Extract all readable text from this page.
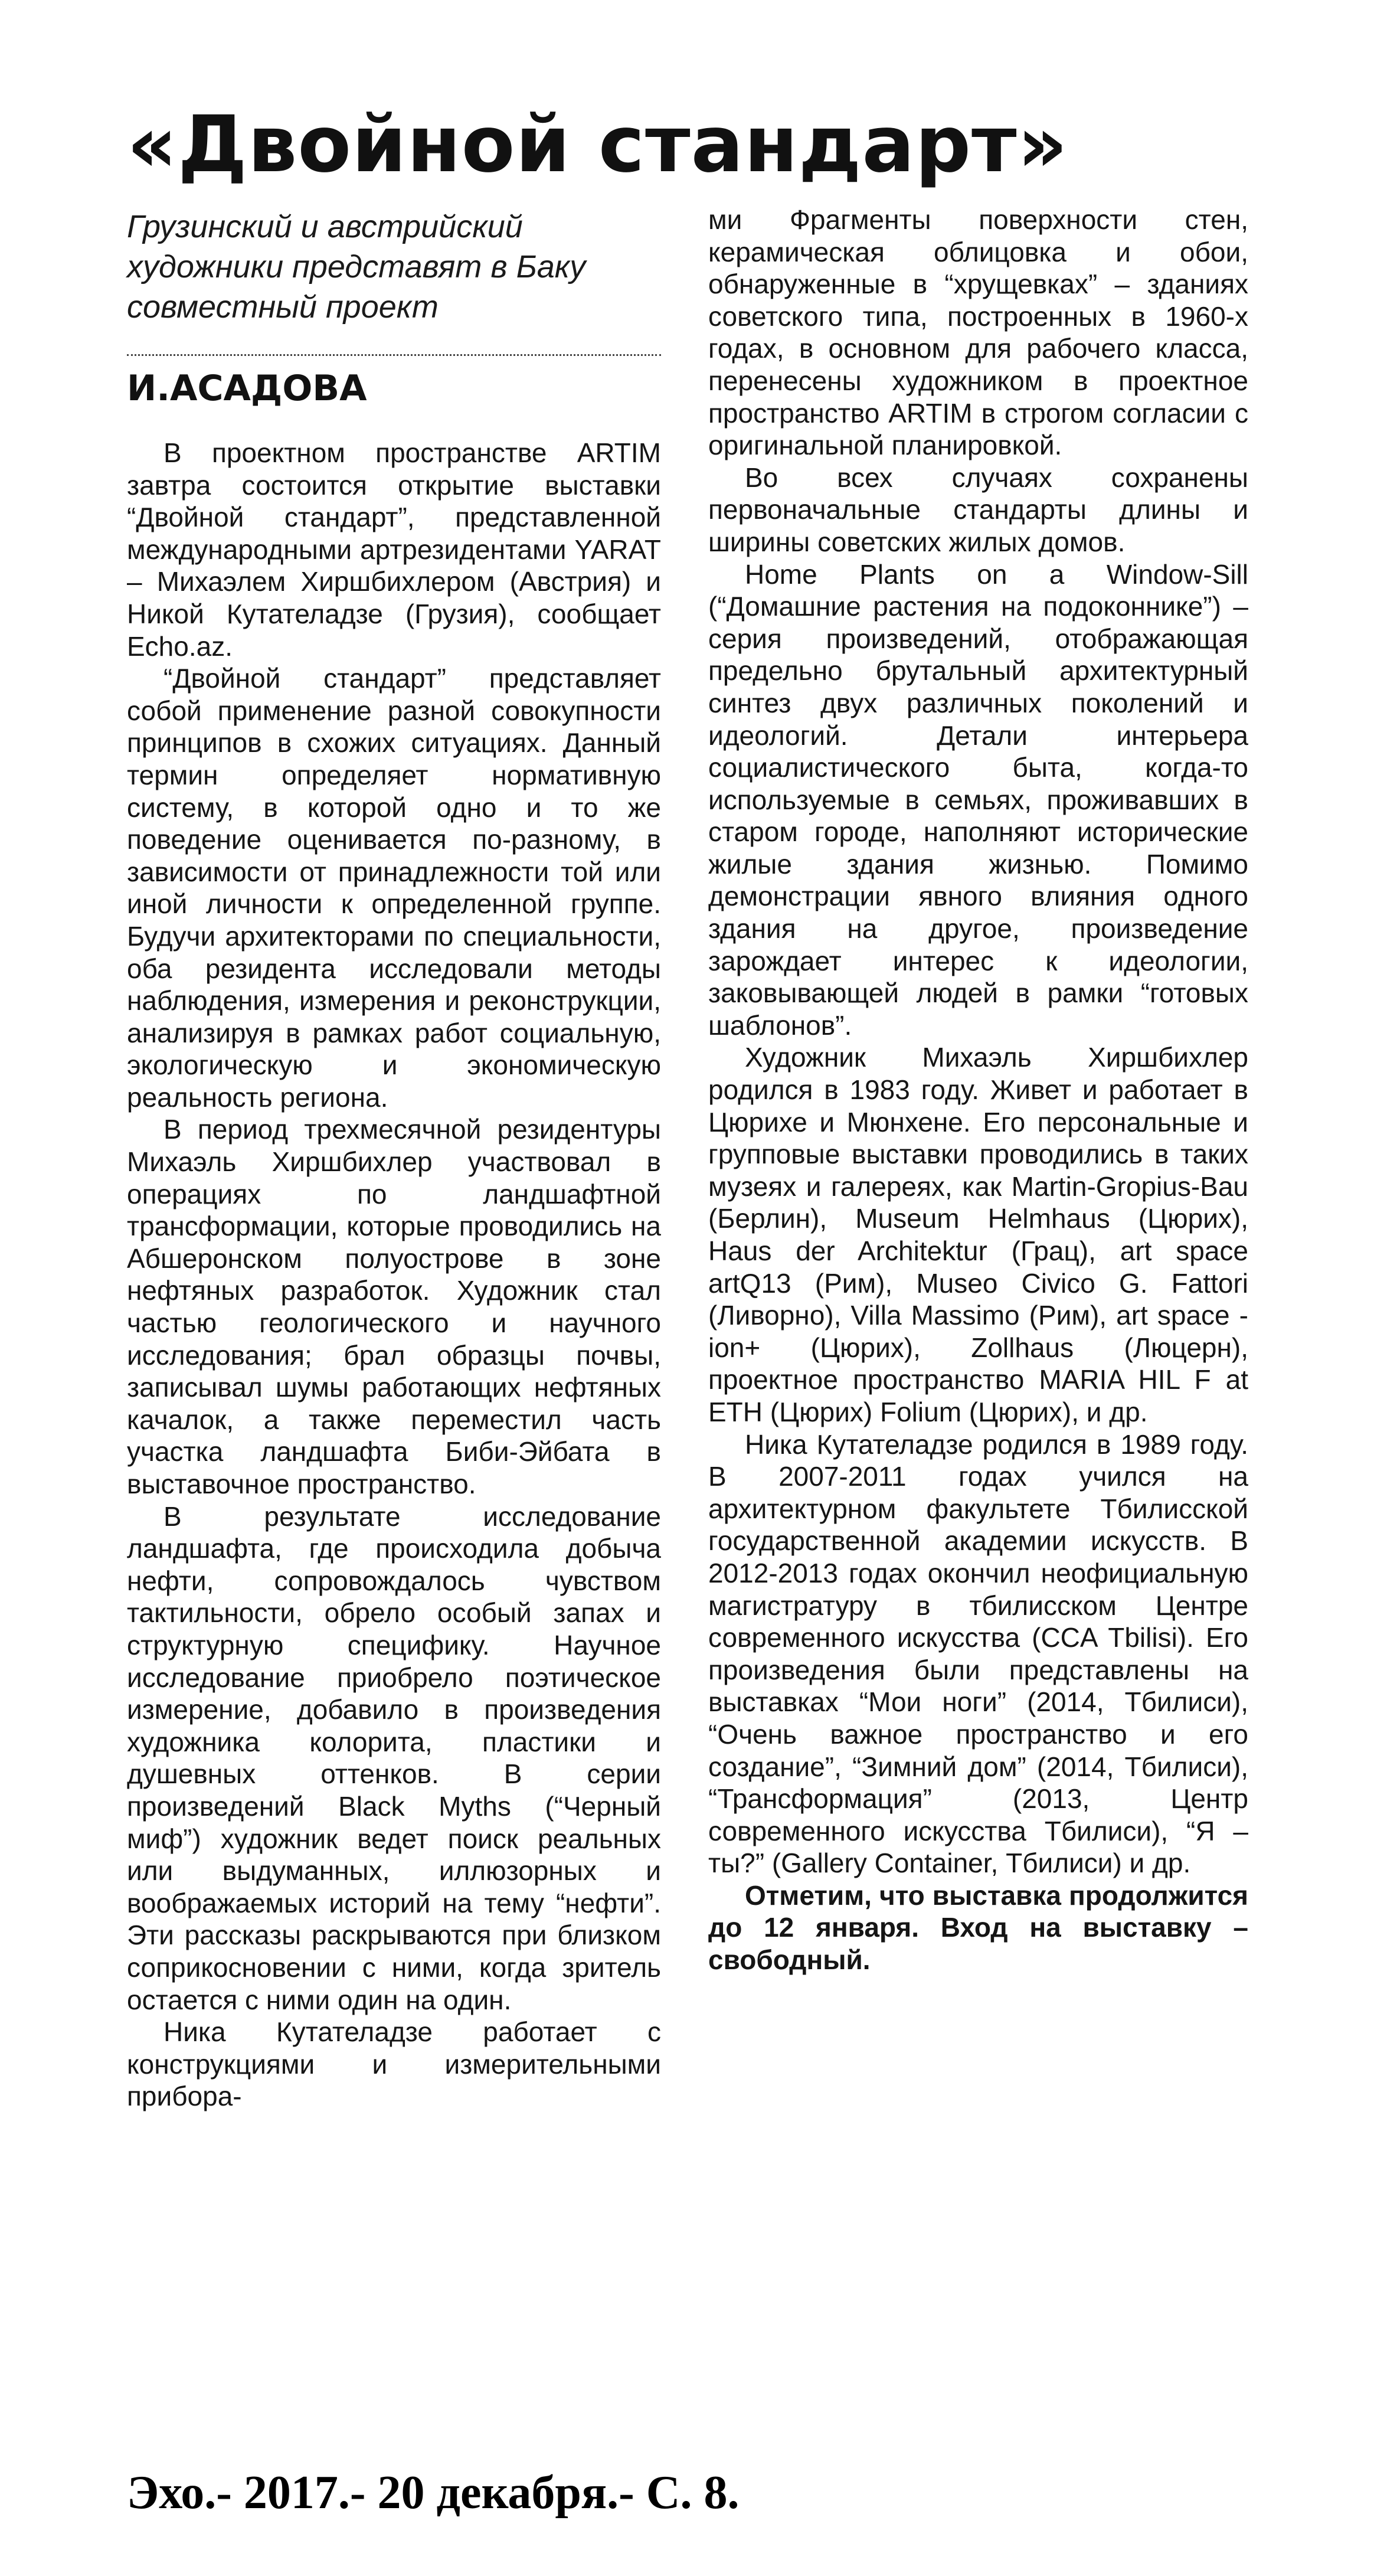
«Двойной стандарт»
Грузинский и австрийский художники представят в Баку совместный проект
И.АСАДОВА

В проектном пространстве ARTIM завтра состоится открытие выставки “Двойной стандарт”, представленной международными артрезидентами YARAT – Михаэлем Хиршбихлером (Австрия) и Никой Кутателадзе (Грузия), сообщает Echo.az.

“Двойной стандарт” представляет собой применение разной совокупности принципов в схожих ситуациях. Данный термин определяет нормативную систему, в которой одно и то же поведение оценивается по-разному, в зависимости от принадлежности той или иной личности к определенной группе. Будучи архитекторами по специальности, оба резидента исследовали методы наблюдения, измерения и реконструкции, анализируя в рамках работ социальную, экологическую и экономическую реальность региона.

В период трехмесячной резидентуры Михаэль Хиршбихлер участвовал в операциях по ландшафтной трансформации, которые проводились на Абшеронском полуострове в зоне нефтяных разработок. Художник стал частью геологического и научного исследования; брал образцы почвы, записывал шумы работающих нефтяных качалок, а также переместил часть участка ландшафта Биби-Эйбата в выставочное пространство.

В результате исследование ландшафта, где происходила добыча нефти, сопровождалось чувством тактильности, обрело особый запах и структурную специфику. Научное исследование приобрело поэтическое измерение, добавило в произведения художника колорита, пластики и душевных оттенков. В серии произведений Black Myths (“Черный миф”) художник ведет поиск реальных или выдуманных, иллюзорных и воображаемых историй на тему “нефти”. Эти рассказы раскрываются при близком соприкосновении с ними, когда зритель остается с ними один на один.

Ника Кутателадзе работает с конструкциями и измерительными прибора-

ми Фрагменты поверхности стен, керамическая облицовка и обои, обнаруженные в “хрущевках” – зданиях советского типа, построенных в 1960-х годах, в основном для рабочего класса, перенесены художником в проектное пространство ARTIM в строгом согласии с оригинальной планировкой.

Во всех случаях сохранены первоначальные стандарты длины и ширины советских жилых домов.

Home Plants on a Window-Sill (“Домашние растения на подоконнике”) – серия произведений, отображающая предельно брутальный архитектурный синтез двух различных поколений и идеологий. Детали интерьера социалистического быта, когда-то используемые в семьях, проживавших в старом городе, наполняют исторические жилые здания жизнью. Помимо демонстрации явного влияния одного здания на другое, произведение зарождает интерес к идеологии, заковывающей людей в рамки “готовых шаблонов”.

Художник Михаэль Хиршбихлер родился в 1983 году. Живет и работает в Цюрихе и Мюнхене. Его персональные и групповые выставки проводились в таких музеях и галереях, как Martin-Gropius-Bau (Берлин), Museum Helmhaus (Цюрих), Haus der Architektur (Грац), art space artQ13 (Рим), Museo Civico G. Fattori (Ливорно), Villa Massimo (Рим), art space -ion+ (Цюрих), Zollhaus (Люцерн), проектное пространство MARIA HIL F at ETH (Цюрих) Folium (Цюрих), и др.

Ника Кутателадзе родился в 1989 году. В 2007-2011 годах учился на архитектурном факультете Тбилисской государственной академии искусств. В 2012-2013 годах окончил неофициальную магистратуру в тбилисском Центре современного искусства (CCA Tbilisi). Его произведения были представлены на выставках “Мои ноги” (2014, Тбилиси), “Очень важное пространство и его создание”, “Зимний дом” (2014, Тбилиси), “Трансформация” (2013, Центр современного искусства Тбилиси), “Я – ты?” (Gallery Container, Тбилиси) и др.

Отметим, что выставка продолжится до 12 января. Вход на выставку – свободный.

Эхо.- 2017.- 20 декабря.- С. 8.
